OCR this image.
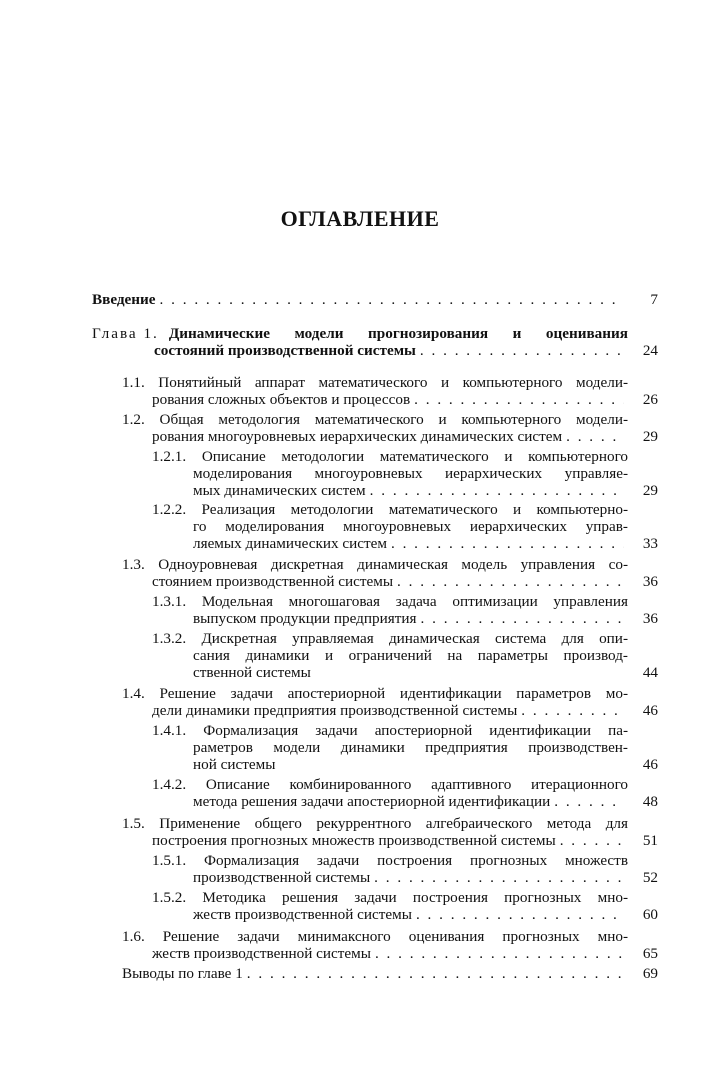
ОГЛАВЛЕНИЕ
Введение . . .	7
Глава 1. Динамические модели прогнозирования и оценивания
состояний производственной системы . . .	24
1.1. Понятийный аппарат математического и компьютерного модели-
рования сложных объектов и процессов . . .	26
1.2. Общая методология математического и компьютерного модели-
рования многоуровневых иерархических динамических систем . . .	29
1.2.1. Описание методологии математического и компьютерного
моделирования многоуровневых иерархических управляе-
мых динамических систем . . .	29
1.2.2. Реализация методологии математического и компьютерно-
го моделирования многоуровневых иерархических управ-
ляемых динамических систем . . .	33
1.3. Одноуровневая дискретная динамическая модель управления со-
стоянием производственной системы . . .	36
1.3.1. Модельная многошаговая задача оптимизации управления
выпуском продукции предприятия . . .	36
1.3.2. Дискретная управляемая динамическая система для опи-
сания динамики и ограничений на параметры производ-
ственной системы	44
1.4. Решение задачи апостериорной идентификации параметров мо-
дели динамики предприятия производственной системы . . .	46
1.4.1. Формализация задачи апостериорной идентификации па-
раметров модели динамики предприятия производствен-
ной системы	46
1.4.2. Описание комбинированного адаптивного итерационного
метода решения задачи апостериорной идентификации . . .	48
1.5. Применение общего рекуррентного алгебраического метода для
построения прогнозных множеств производственной системы . . .	51
1.5.1. Формализация задачи построения прогнозных множеств
производственной системы . . .	52
1.5.2. Методика решения задачи построения прогнозных мно-
жеств производственной системы . . .	60
1.6. Решение задачи минимаксного оценивания прогнозных мно-
жеств производственной системы . . .	65
Выводы по главе 1 . . .	69
